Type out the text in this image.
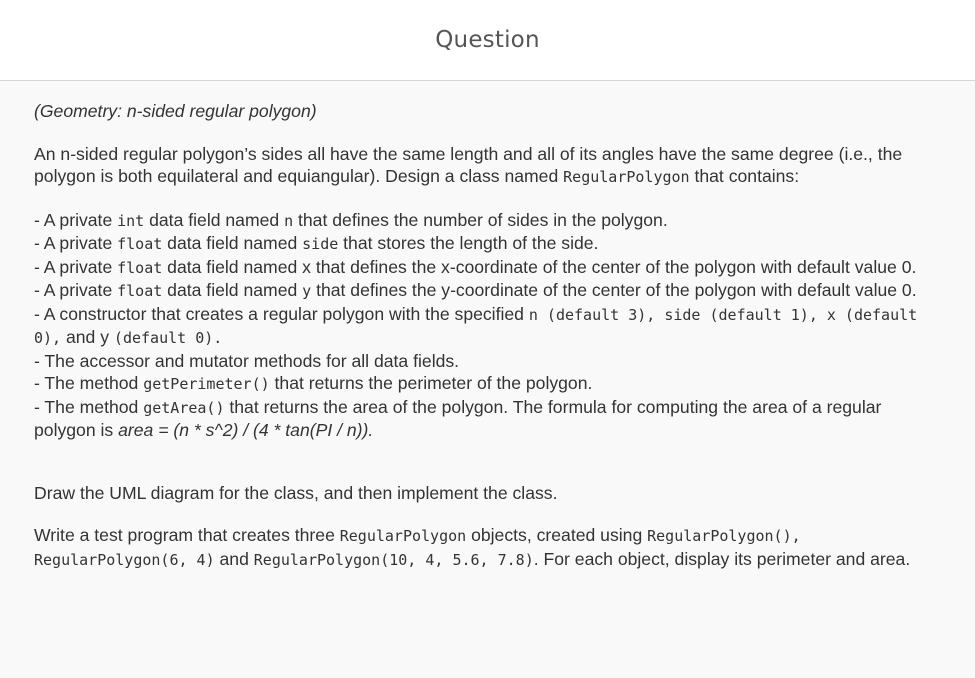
Question

(Geometry: n-sided regular polygon)

An n-sided regular polygon’s sides all have the same length and all of its angles have the same degree (i.e., the polygon is both equilateral and equiangular). Design a class named RegularPolygon that contains:

- A private int data field named n that defines the number of sides in the polygon.
- A private float data field named side that stores the length of the side.
- A private float data field named x that defines the x-coordinate of the center of the polygon with default value 0.
- A private float data field named y that defines the y-coordinate of the center of the polygon with default value 0.
- A constructor that creates a regular polygon with the specified n (default 3), side (default 1), x (default 0), and y (default 0).
- The accessor and mutator methods for all data fields.
- The method getPerimeter() that returns the perimeter of the polygon.
- The method getArea() that returns the area of the polygon. The formula for computing the area of a regular polygon is area = (n * s^2) / (4 * tan(PI / n)).

Draw the UML diagram for the class, and then implement the class.

Write a test program that creates three RegularPolygon objects, created using RegularPolygon(), RegularPolygon(6, 4) and RegularPolygon(10, 4, 5.6, 7.8). For each object, display its perimeter and area.
